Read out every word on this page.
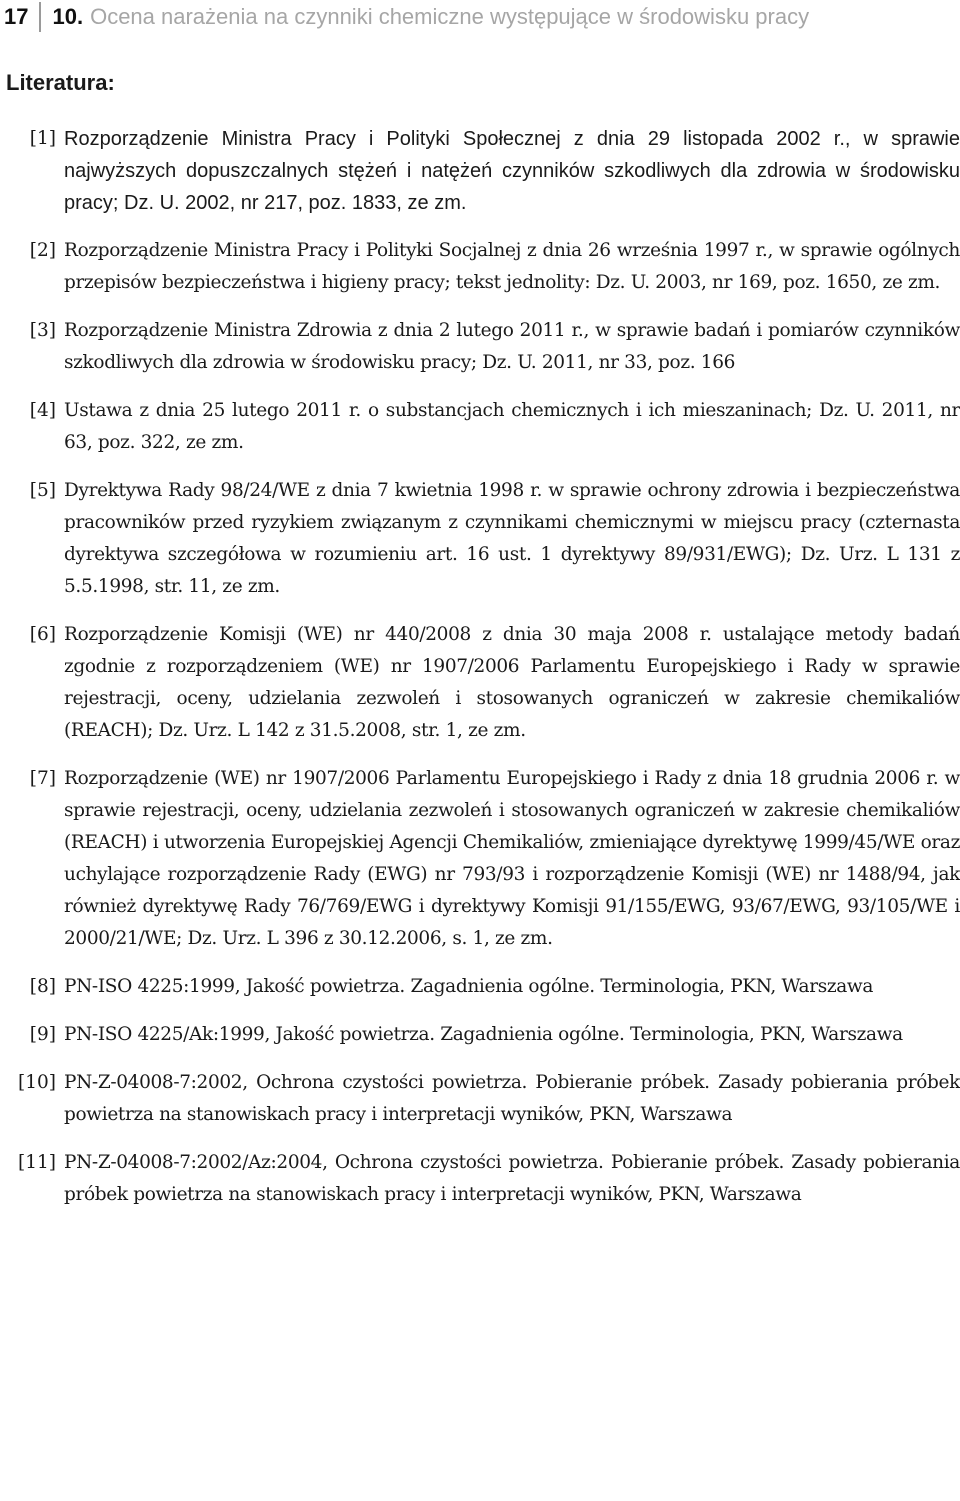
17	10. Ocena narażenia na czynniki chemiczne występujące w środowisku pracy
Literatura:
[1] Rozporządzenie Ministra Pracy i Polityki Społecznej z dnia 29 listopada 2002 r., w sprawie najwyższych dopuszczalnych stężeń i natężeń czynników szkodliwych dla zdrowia w środowisku pracy; Dz. U. 2002, nr 217, poz. 1833, ze zm.
[2] Rozporządzenie Ministra Pracy i Polityki Socjalnej z dnia 26 września 1997 r., w sprawie ogólnych przepisów bezpieczeństwa i higieny pracy; tekst jednolity: Dz. U. 2003, nr 169, poz. 1650, ze zm.
[3] Rozporządzenie Ministra Zdrowia z dnia 2 lutego 2011 r., w sprawie badań i pomiarów czynników szkodliwych dla zdrowia w środowisku pracy; Dz. U. 2011, nr 33, poz. 166
[4] Ustawa z dnia 25 lutego 2011 r. o substancjach chemicznych i ich mieszaninach; Dz. U. 2011, nr 63, poz. 322, ze zm.
[5] Dyrektywa Rady 98/24/WE z dnia 7 kwietnia 1998 r. w sprawie ochrony zdrowia i bezpieczeństwa pracowników przed ryzykiem związanym z czynnikami chemicznymi w miejscu pracy (czternasta dyrektywa szczegółowa w rozumieniu art. 16 ust. 1 dyrektywy 89/931/EWG); Dz. Urz. L 131 z 5.5.1998, str. 11, ze zm.
[6] Rozporządzenie Komisji (WE) nr 440/2008 z dnia 30 maja 2008 r. ustalające metody badań zgodnie z rozporządzeniem (WE) nr 1907/2006 Parlamentu Europejskiego i Rady w sprawie rejestracji, oceny, udzielania zezwoleń i stosowanych ograniczeń w zakresie chemikaliów (REACH); Dz. Urz. L 142 z 31.5.2008, str. 1, ze zm.
[7] Rozporządzenie (WE) nr 1907/2006 Parlamentu Europejskiego i Rady z dnia 18 grudnia 2006 r. w sprawie rejestracji, oceny, udzielania zezwoleń i stosowanych ograniczeń w zakresie chemikaliów (REACH) i utworzenia Europejskiej Agencji Chemikaliów, zmieniające dyrektywę 1999/45/WE oraz uchylające rozporządzenie Rady (EWG) nr 793/93 i rozporządzenie Komisji (WE) nr 1488/94, jak również dyrektywę Rady 76/769/EWG i dyrektywy Komisji 91/155/EWG, 93/67/EWG, 93/105/WE i 2000/21/WE; Dz. Urz. L 396 z 30.12.2006, s. 1, ze zm.
[8] PN-ISO 4225:1999, Jakość powietrza. Zagadnienia ogólne. Terminologia, PKN, Warszawa
[9] PN-ISO 4225/Ak:1999, Jakość powietrza. Zagadnienia ogólne. Terminologia, PKN, Warszawa
[10] PN-Z-04008-7:2002, Ochrona czystości powietrza. Pobieranie próbek. Zasady pobierania próbek powietrza na stanowiskach pracy i interpretacji wyników, PKN, Warszawa
[11] PN-Z-04008-7:2002/Az:2004, Ochrona czystości powietrza. Pobieranie próbek. Zasady pobierania próbek powietrza na stanowiskach pracy i interpretacji wyników, PKN, Warszawa
